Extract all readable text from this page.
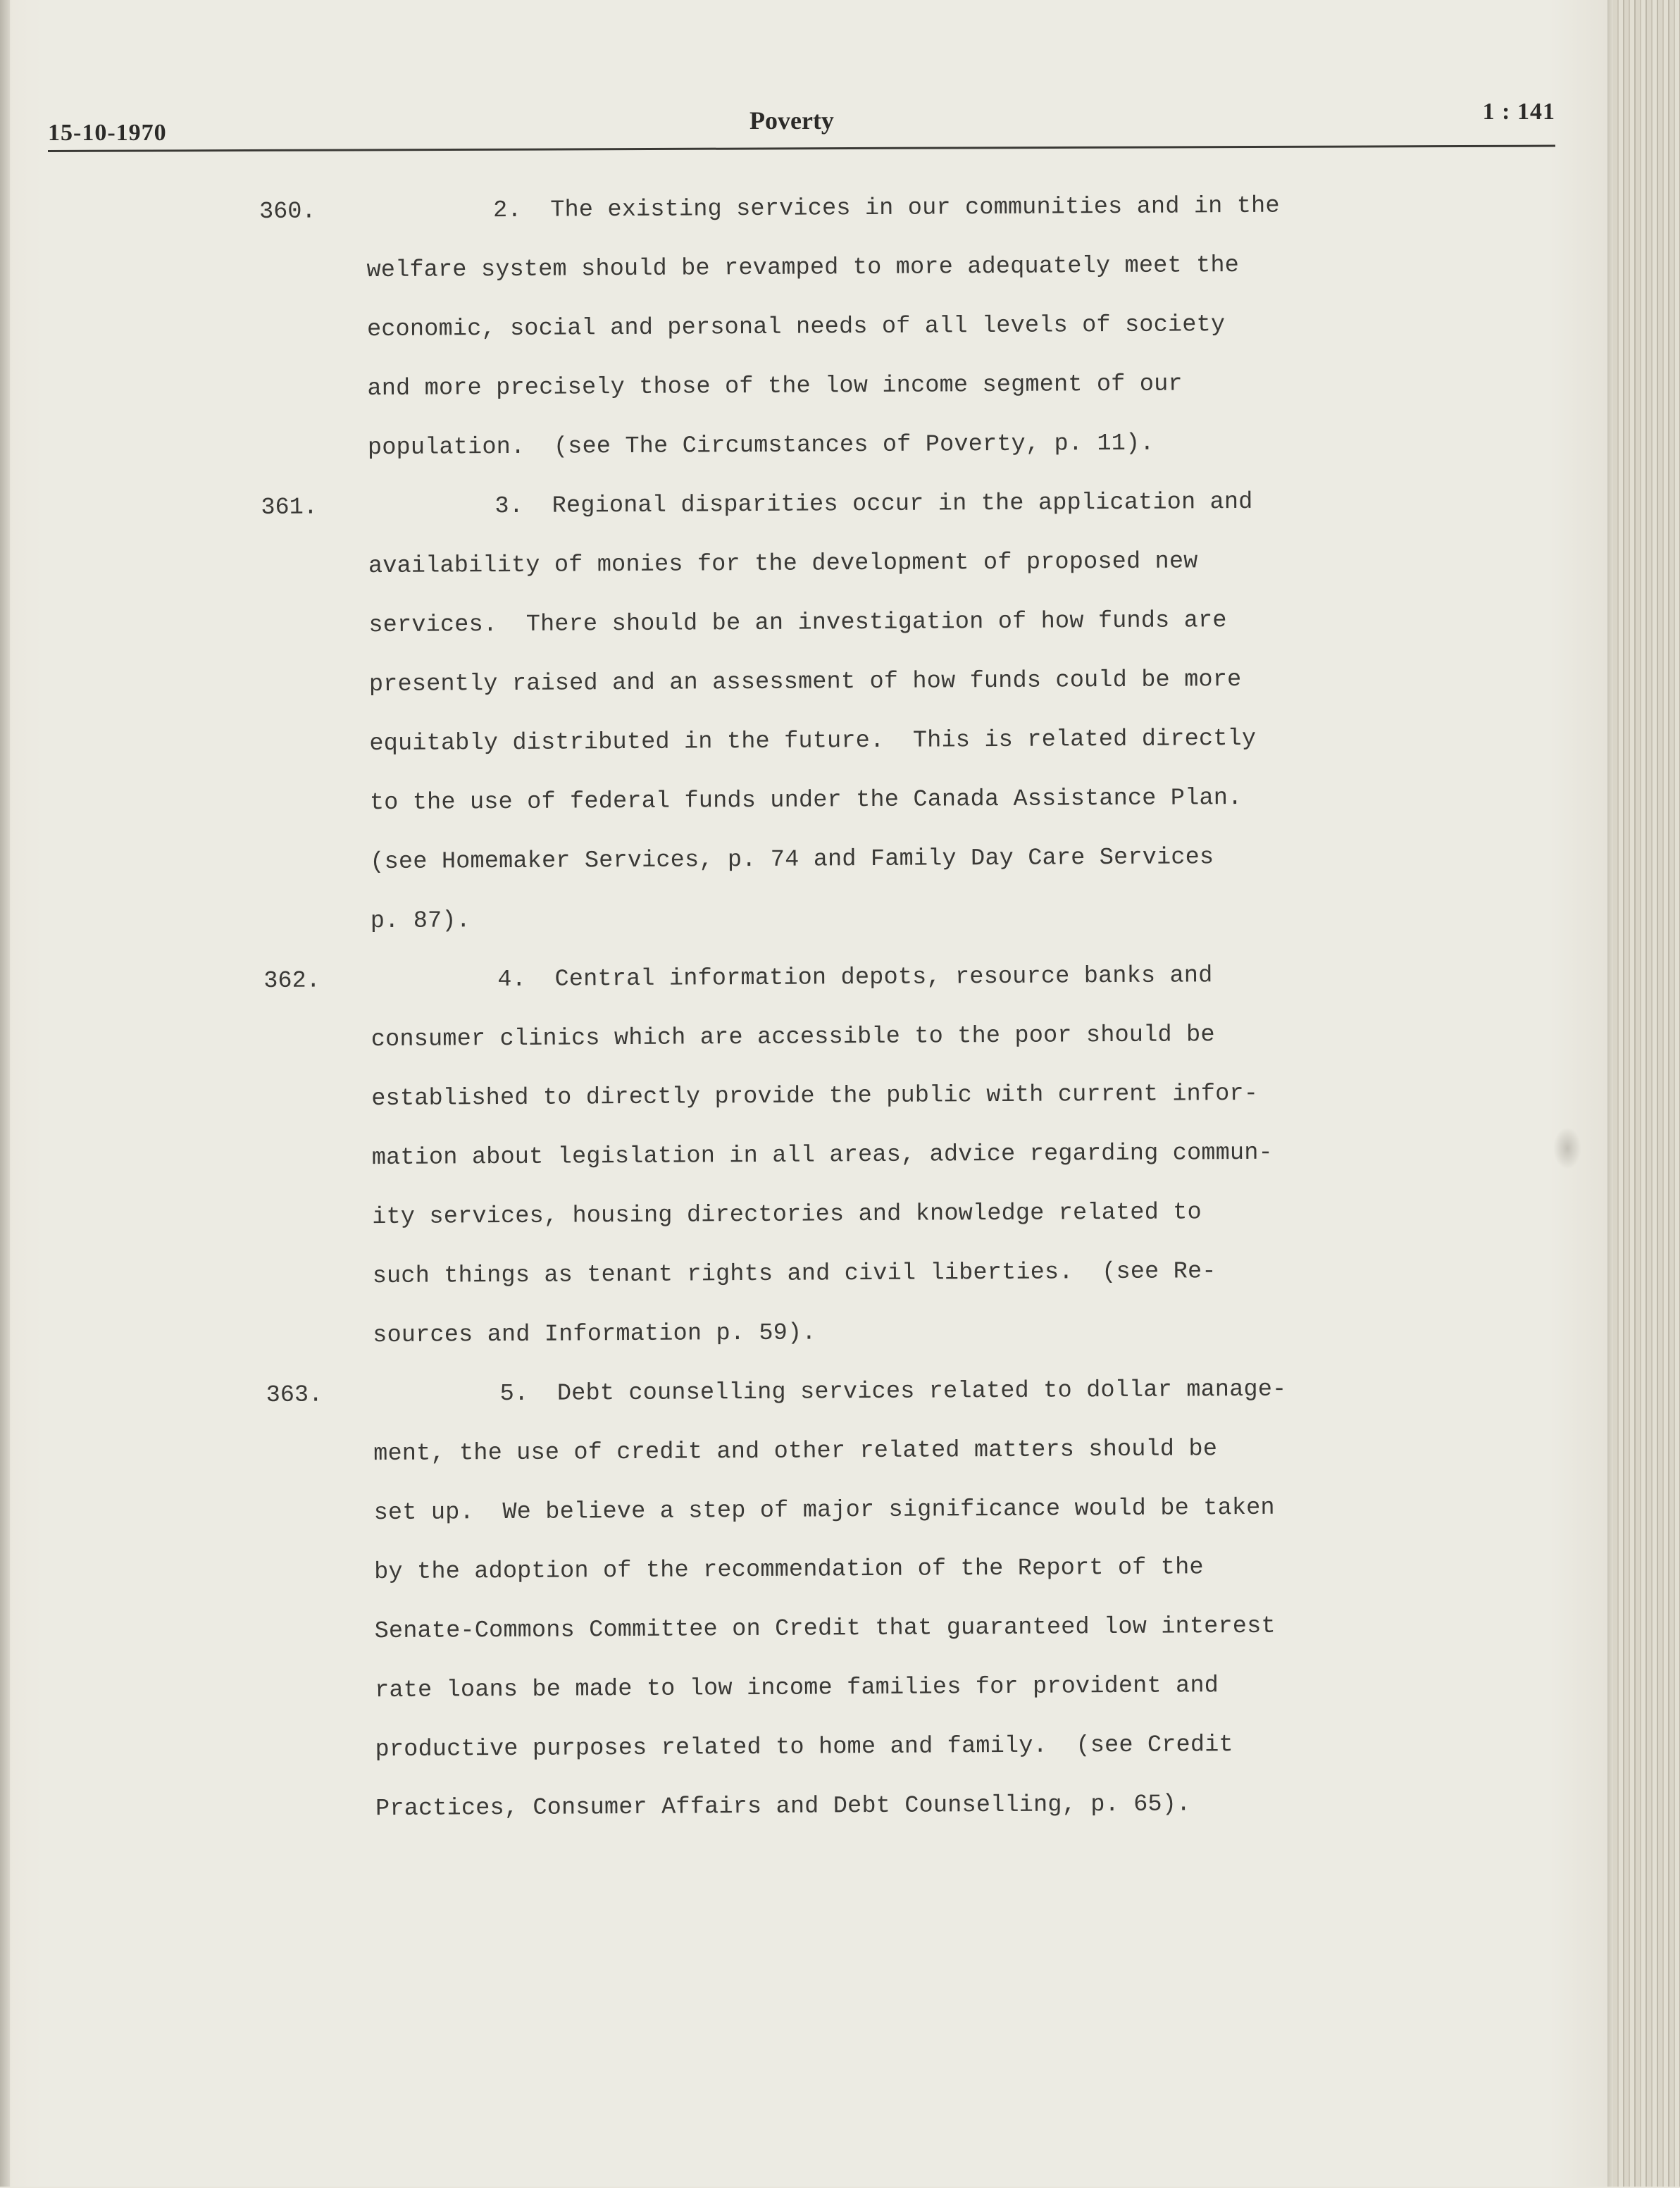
15-10-1970	Poverty	1 : 141
360.	2.  The existing services in our communities and in the
welfare system should be revamped to more adequately meet the
economic, social and personal needs of all levels of society
and more precisely those of the low income segment of our
population.  (see The Circumstances of Poverty, p. 11).
361.	3.  Regional disparities occur in the application and
availability of monies for the development of proposed new
services.  There should be an investigation of how funds are
presently raised and an assessment of how funds could be more
equitably distributed in the future.  This is related directly
to the use of federal funds under the Canada Assistance Plan.
(see Homemaker Services, p. 74 and Family Day Care Services
p. 87).
362.	4.  Central information depots, resource banks and
consumer clinics which are accessible to the poor should be
established to directly provide the public with current infor-
mation about legislation in all areas, advice regarding commun-
ity services, housing directories and knowledge related to
such things as tenant rights and civil liberties.  (see Re-
sources and Information p. 59).
363.	5.  Debt counselling services related to dollar manage-
ment, the use of credit and other related matters should be
set up.  We believe a step of major significance would be taken
by the adoption of the recommendation of the Report of the
Senate-Commons Committee on Credit that guaranteed low interest
rate loans be made to low income families for provident and
productive purposes related to home and family.  (see Credit
Practices, Consumer Affairs and Debt Counselling, p. 65).
